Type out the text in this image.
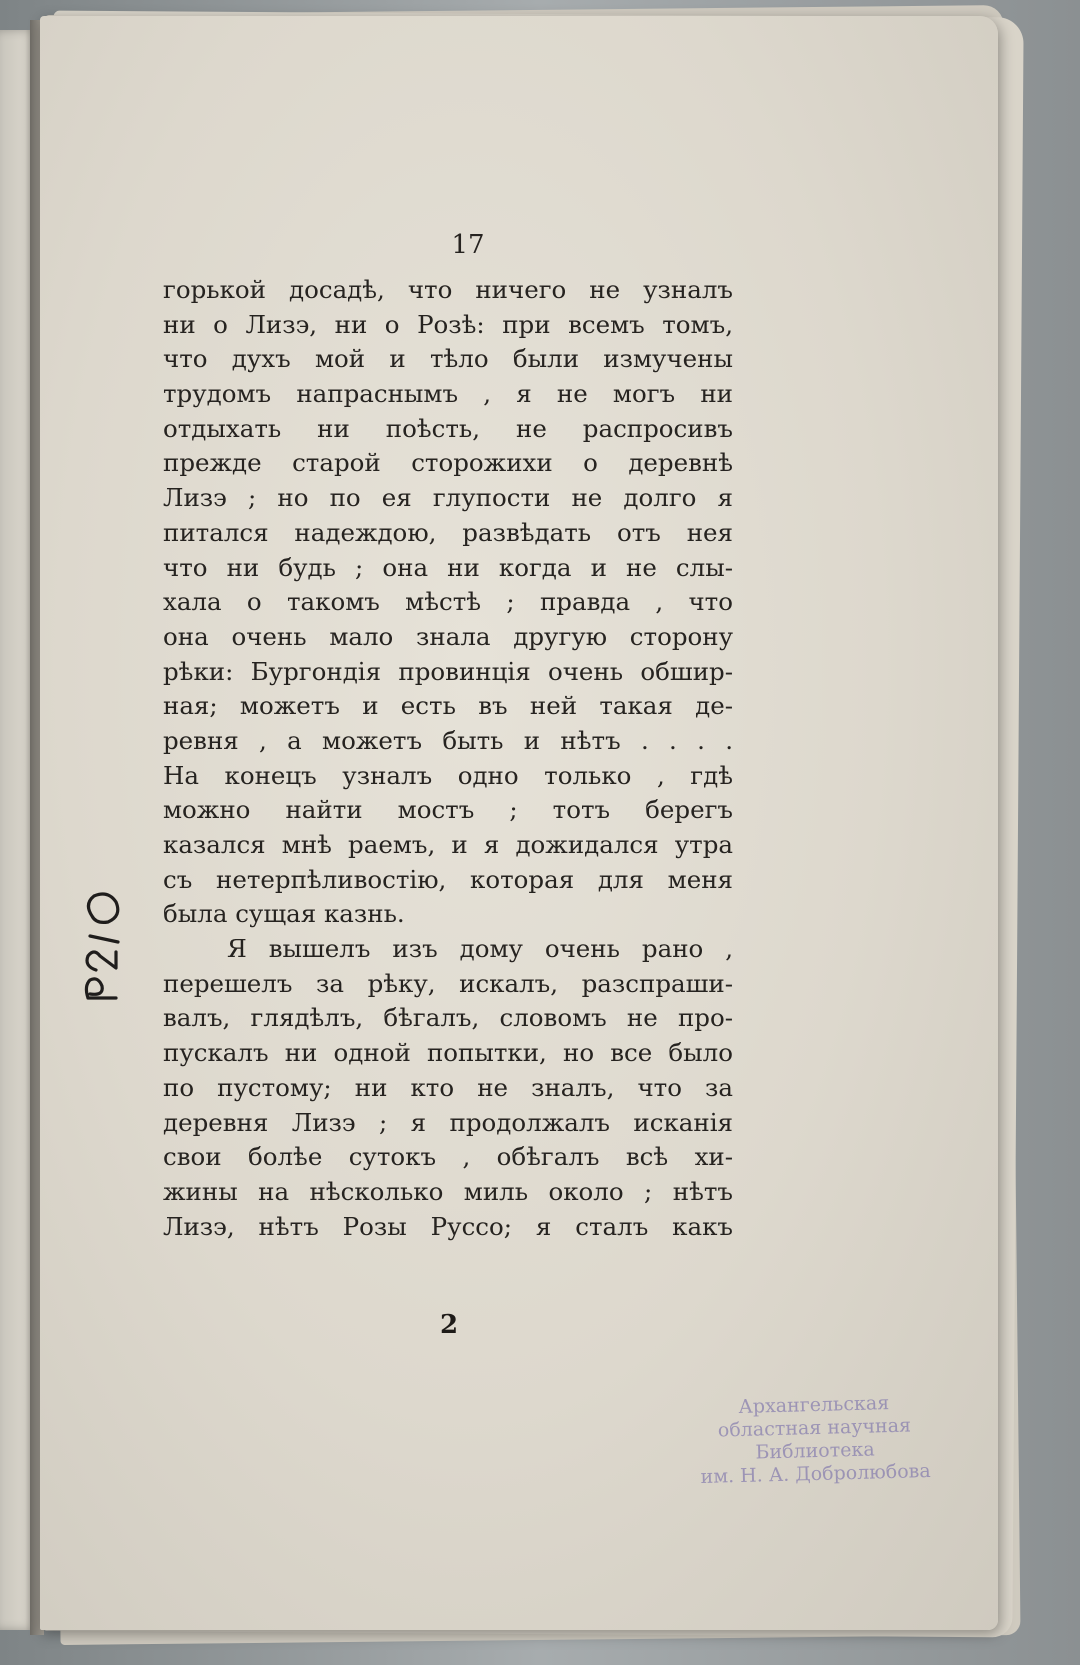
17
горькой досадѣ, что ничего не узналъ
ни о Лизэ, ни о Розѣ: при всемъ томъ,
что духъ мой и тѣло были измучены
трудомъ напраснымъ , я не могъ ни
отдыхать ни поѣсть, не распросивъ
прежде старой сторожихи о деревнѣ
Лизэ ; но по ея глупости не долго я
питался надеждою, развѣдать отъ нея
что ни будь ; она ни когда и не слы-
хала о такомъ мѣстѣ ; правда , что
она очень мало знала другую сторону
рѣки: Бургондія провинція очень обшир-
ная; можетъ и есть въ ней такая де-
ревня , а можетъ быть и нѣтъ . . . .
На конецъ узналъ одно только , гдѣ
можно найти мостъ ; тотъ берегъ
казался мнѣ раемъ, и я дожидался утра
съ нетерпѣливостію, которая для меня
была сущая казнь.
Я вышелъ изъ дому очень рано ,
перешелъ за рѣку, искалъ, разспраши-
валъ, глядѣлъ, бѣгалъ, словомъ не про-
пускалъ ни одной попытки, но все было
по пустому; ни кто не зналъ, что за
деревня Лизэ ; я продолжалъ исканія
свои болѣе сутокъ , обѣгалъ всѣ хи-
жины на нѣсколько миль около ; нѣтъ
Лизэ, нѣтъ Розы Руссо; я сталъ какъ
2
Архангельская
областная научная
Библиотека
им. Н. А. Добролюбова
